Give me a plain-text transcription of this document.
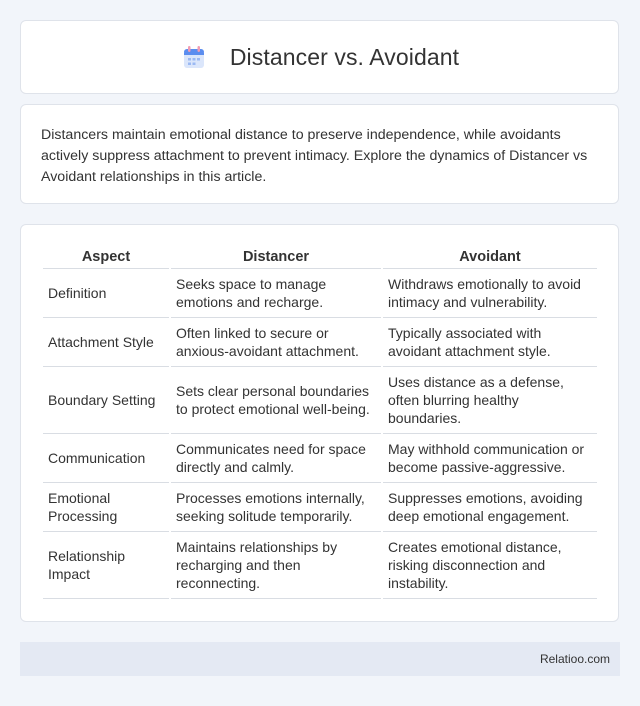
Distancer vs. Avoidant

Distancers maintain emotional distance to preserve independence, while avoidants actively suppress attachment to prevent intimacy. Explore the dynamics of Distancer vs Avoidant relationships in this article.

Aspect	Distancer	Avoidant
Definition	Seeks space to manage emotions and recharge.	Withdraws emotionally to avoid intimacy and vulnerability.
Attachment Style	Often linked to secure or anxious-avoidant attachment.	Typically associated with avoidant attachment style.
Boundary Setting	Sets clear personal boundaries to protect emotional well-being.	Uses distance as a defense, often blurring healthy boundaries.
Communication	Communicates need for space directly and calmly.	May withhold communication or become passive-aggressive.
Emotional Processing	Processes emotions internally, seeking solitude temporarily.	Suppresses emotions, avoiding deep emotional engagement.
Relationship Impact	Maintains relationships by recharging and then reconnecting.	Creates emotional distance, risking disconnection and instability.
Relatioo.com
